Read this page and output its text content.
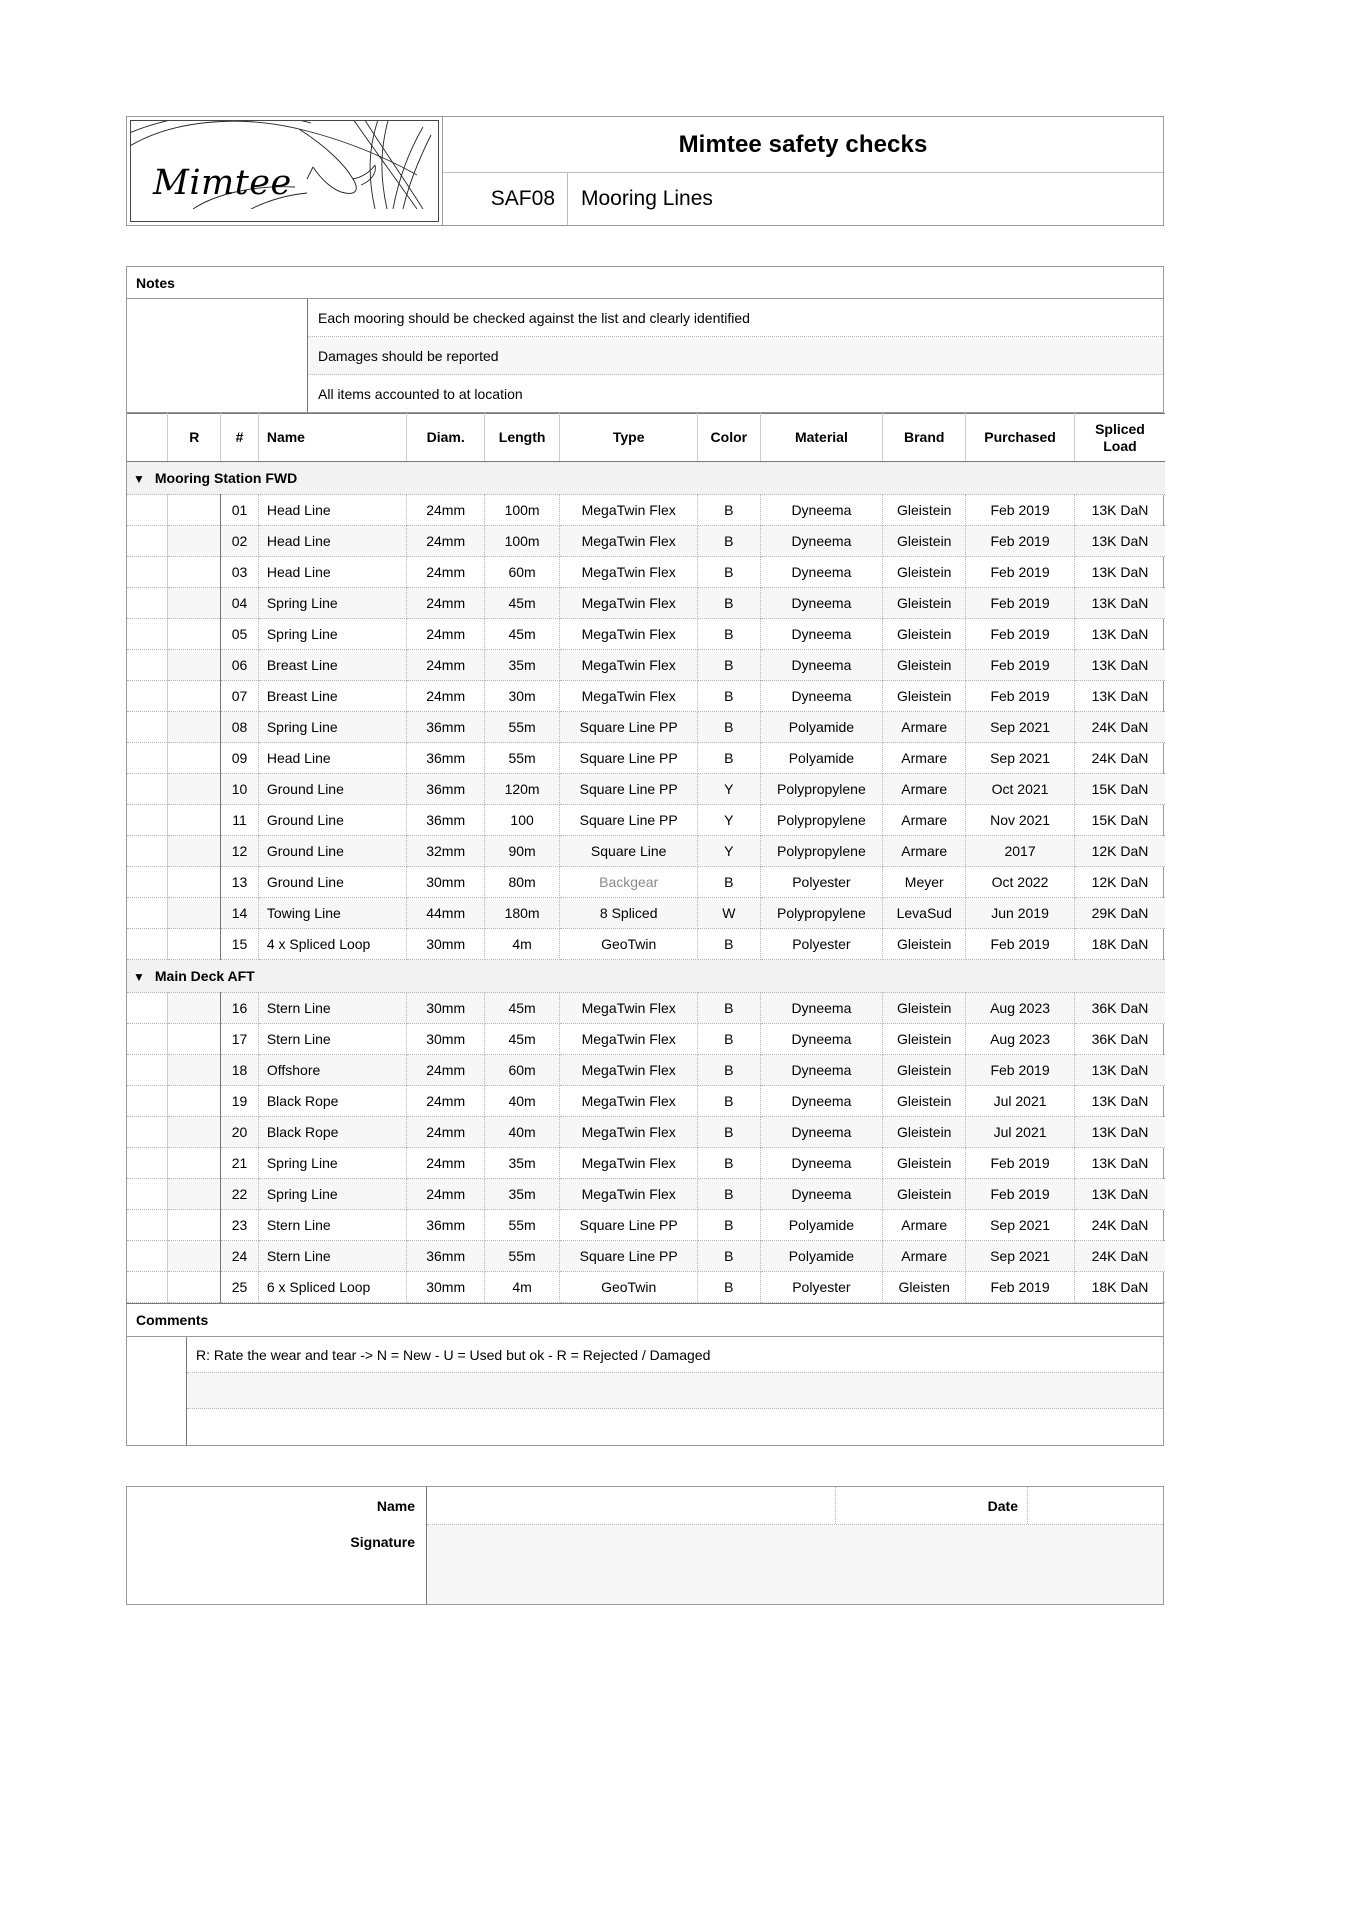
Mimtee
Mimtee safety checks
SAF08	Mooring Lines
Notes
Each mooring should be checked against the list and clearly identified
Damages should be reported
All items accounted to at location
	R	#	Name	Diam.	Length	Type	Color	Material	Brand	Purchased	Spliced
Load
▼ Mooring Station FWD											
		01	Head Line	24mm	100m	MegaTwin Flex	B	Dyneema	Gleistein	Feb 2019	13K DaN
		02	Head Line	24mm	100m	MegaTwin Flex	B	Dyneema	Gleistein	Feb 2019	13K DaN
		03	Head Line	24mm	60m	MegaTwin Flex	B	Dyneema	Gleistein	Feb 2019	13K DaN
		04	Spring Line	24mm	45m	MegaTwin Flex	B	Dyneema	Gleistein	Feb 2019	13K DaN
		05	Spring Line	24mm	45m	MegaTwin Flex	B	Dyneema	Gleistein	Feb 2019	13K DaN
		06	Breast Line	24mm	35m	MegaTwin Flex	B	Dyneema	Gleistein	Feb 2019	13K DaN
		07	Breast Line	24mm	30m	MegaTwin Flex	B	Dyneema	Gleistein	Feb 2019	13K DaN
		08	Spring Line	36mm	55m	Square Line PP	B	Polyamide	Armare	Sep 2021	24K DaN
		09	Head Line	36mm	55m	Square Line PP	B	Polyamide	Armare	Sep 2021	24K DaN
		10	Ground Line	36mm	120m	Square Line PP	Y	Polypropylene	Armare	Oct 2021	15K DaN
		11	Ground Line	36mm	100	Square Line PP	Y	Polypropylene	Armare	Nov 2021	15K DaN
		12	Ground Line	32mm	90m	Square Line	Y	Polypropylene	Armare	2017	12K DaN
		13	Ground Line	30mm	80m	Backgear	B	Polyester	Meyer	Oct 2022	12K DaN
		14	Towing Line	44mm	180m	8 Spliced	W	Polypropylene	LevaSud	Jun 2019	29K DaN
		15	4 x Spliced Loop	30mm	4m	GeoTwin	B	Polyester	Gleistein	Feb 2019	18K DaN
▼ Main Deck AFT											
		16	Stern Line	30mm	45m	MegaTwin Flex	B	Dyneema	Gleistein	Aug 2023	36K DaN
		17	Stern Line	30mm	45m	MegaTwin Flex	B	Dyneema	Gleistein	Aug 2023	36K DaN
		18	Offshore	24mm	60m	MegaTwin Flex	B	Dyneema	Gleistein	Feb 2019	13K DaN
		19	Black Rope	24mm	40m	MegaTwin Flex	B	Dyneema	Gleistein	Jul 2021	13K DaN
		20	Black Rope	24mm	40m	MegaTwin Flex	B	Dyneema	Gleistein	Jul 2021	13K DaN
		21	Spring Line	24mm	35m	MegaTwin Flex	B	Dyneema	Gleistein	Feb 2019	13K DaN
		22	Spring Line	24mm	35m	MegaTwin Flex	B	Dyneema	Gleistein	Feb 2019	13K DaN
		23	Stern Line	36mm	55m	Square Line PP	B	Polyamide	Armare	Sep 2021	24K DaN
		24	Stern Line	36mm	55m	Square Line PP	B	Polyamide	Armare	Sep 2021	24K DaN
		25	6 x Spliced Loop	30mm	4m	GeoTwin	B	Polyester	Gleisten	Feb 2019	18K DaN
Comments
R: Rate the wear and tear -> N = New - U = Used but ok - R = Rejected / Damaged
Name
Signature
Date
